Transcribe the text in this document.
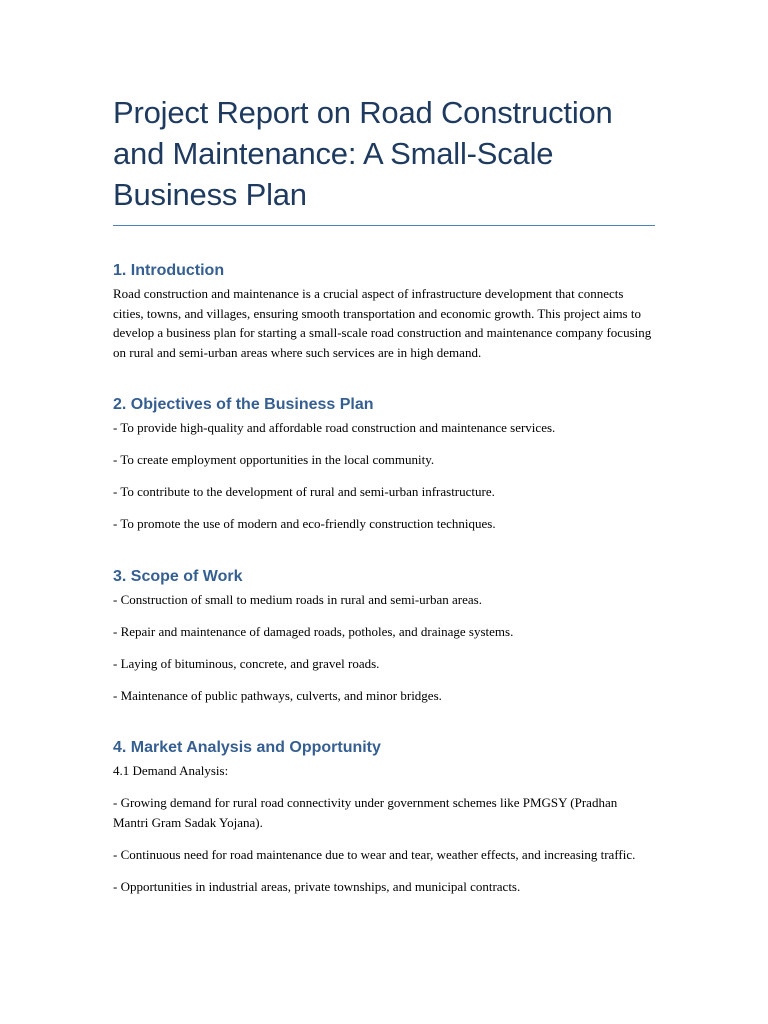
Project Report on Road Construction and Maintenance: A Small-Scale Business Plan
1. Introduction

Road construction and maintenance is a crucial aspect of infrastructure development that connects cities, towns, and villages, ensuring smooth transportation and economic growth. This project aims to develop a business plan for starting a small-scale road construction and maintenance company focusing on rural and semi-urban areas where such services are in high demand.

2. Objectives of the Business Plan

- To provide high-quality and affordable road construction and maintenance services.

- To create employment opportunities in the local community.

- To contribute to the development of rural and semi-urban infrastructure.

- To promote the use of modern and eco-friendly construction techniques.

3. Scope of Work

- Construction of small to medium roads in rural and semi-urban areas.

- Repair and maintenance of damaged roads, potholes, and drainage systems.

- Laying of bituminous, concrete, and gravel roads.

- Maintenance of public pathways, culverts, and minor bridges.

4. Market Analysis and Opportunity

4.1 Demand Analysis:

- Growing demand for rural road connectivity under government schemes like PMGSY (Pradhan Mantri Gram Sadak Yojana).

- Continuous need for road maintenance due to wear and tear, weather effects, and increasing traffic.

- Opportunities in industrial areas, private townships, and municipal contracts.
